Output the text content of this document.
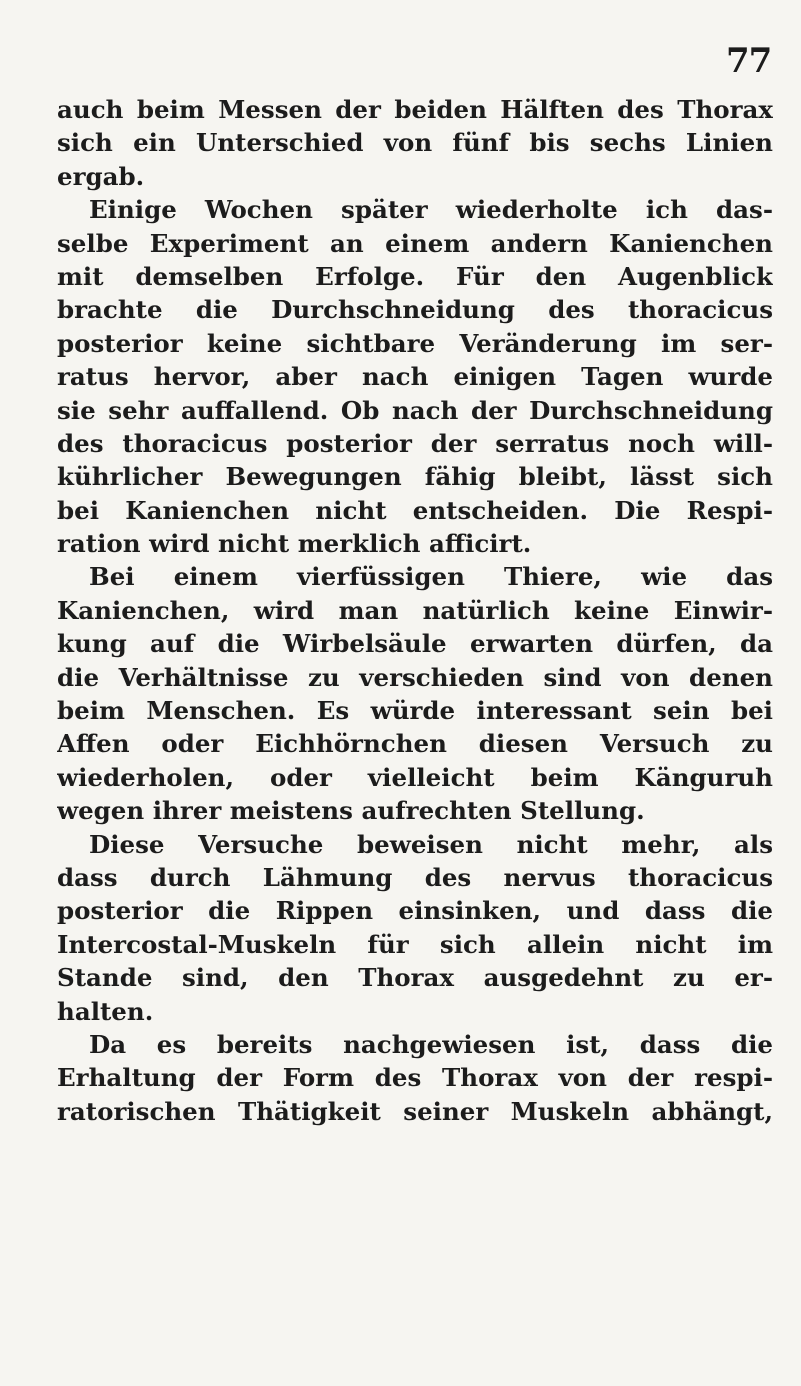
77
auch beim Messen der beiden Hälften des Thorax
sich ein Unterschied von fünf bis sechs Linien
ergab.
Einige Wochen später wiederholte ich das-
selbe Experiment an einem andern Kanienchen
mit demselben Erfolge. Für den Augenblick
brachte die Durchschneidung des thoracicus
posterior keine sichtbare Veränderung im ser-
ratus hervor, aber nach einigen Tagen wurde
sie sehr auffallend. Ob nach der Durchschneidung
des thoracicus posterior der serratus noch will-
kührlicher Bewegungen fähig bleibt, lässt sich
bei Kanienchen nicht entscheiden. Die Respi-
ration wird nicht merklich afficirt.
Bei einem vierfüssigen Thiere, wie das
Kanienchen, wird man natürlich keine Einwir-
kung auf die Wirbelsäule erwarten dürfen, da
die Verhältnisse zu verschieden sind von denen
beim Menschen. Es würde interessant sein bei
Affen oder Eichhörnchen diesen Versuch zu
wiederholen, oder vielleicht beim Känguruh
wegen ihrer meistens aufrechten Stellung.
Diese Versuche beweisen nicht mehr, als
dass durch Lähmung des nervus thoracicus
posterior die Rippen einsinken, und dass die
Intercostal-Muskeln für sich allein nicht im
Stande sind, den Thorax ausgedehnt zu er-
halten.
Da es bereits nachgewiesen ist, dass die
Erhaltung der Form des Thorax von der respi-
ratorischen Thätigkeit seiner Muskeln abhängt,
